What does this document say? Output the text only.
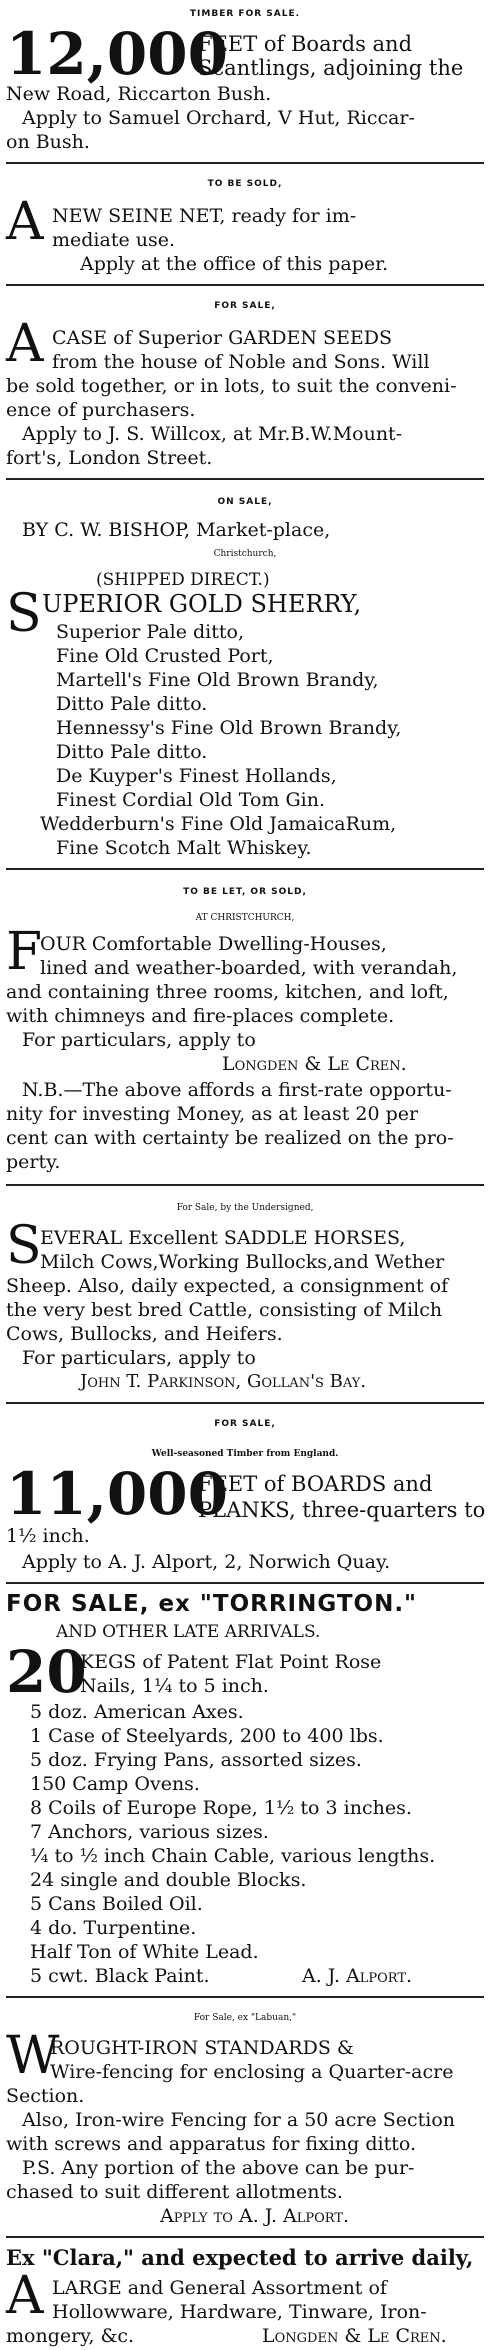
TIMBER FOR SALE.
12,000
FEET of Boards and
Scantlings, adjoining the
New Road, Riccarton Bush.
Apply to Samuel Orchard, V Hut, Riccar-
on Bush.
TO BE SOLD,
A NEW SEINE NET, ready for im-
mediate use.
Apply at the office of this paper.
FOR SALE,
A CASE of Superior GARDEN SEEDS
from the house of Noble and Sons. Will
be sold together, or in lots, to suit the conveni-
ence of purchasers.
Apply to J. S. Willcox, at Mr.B.W.Mount-
fort's, London Street.
ON SALE,
BY C. W. BISHOP, Market-place,
Christchurch,
(SHIPPED DIRECT.)
S UPERIOR GOLD SHERRY,
Superior Pale ditto,
Fine Old Crusted Port,
Martell's Fine Old Brown Brandy,
Ditto Pale ditto.
Hennessy's Fine Old Brown Brandy,
Ditto Pale ditto.
De Kuyper's Finest Hollands,
Finest Cordial Old Tom Gin.
Wedderburn's Fine Old JamaicaRum,
Fine Scotch Malt Whiskey.
TO BE LET, OR SOLD,
AT CHRISTCHURCH,
F
OUR Comfortable Dwelling-Houses,
lined and weather-boarded, with verandah,
and containing three rooms, kitchen, and loft,
with chimneys and fire-places complete.
For particulars, apply to
Longden & Le Cren.
N.B.—The above affords a first-rate opportu-
nity for investing Money, as at least 20 per
cent can with certainty be realized on the pro-
perty.
For Sale, by the Undersigned,
S
EVERAL Excellent SADDLE HORSES,
Milch Cows,Working Bullocks,and Wether
Sheep. Also, daily expected, a consignment of
the very best bred Cattle, consisting of Milch
Cows, Bullocks, and Heifers.
For particulars, apply to
John T. Parkinson, Gollan's Bay.
FOR SALE,
Well-seasoned Timber from England.
11,000
FEET of BOARDS and
PLANKS, three-quarters to
1½ inch.
Apply to A. J. Alport, 2, Norwich Quay.
FOR SALE, ex "TORRINGTON."
AND OTHER LATE ARRIVALS.
20
KEGS of Patent Flat Point Rose
Nails, 1¼ to 5 inch.
5 doz. American Axes.
1 Case of Steelyards, 200 to 400 lbs.
5 doz. Frying Pans, assorted sizes.
150 Camp Ovens.
8 Coils of Europe Rope, 1½ to 3 inches.
7 Anchors, various sizes.
¼ to ½ inch Chain Cable, various lengths.
24 single and double Blocks.
5 Cans Boiled Oil.
4 do. Turpentine.
Half Ton of White Lead.
5 cwt. Black Paint.	A. J. Alport.
For Sale, ex "Labuan,"
W
ROUGHT-IRON STANDARDS &
Wire-fencing for enclosing a Quarter-acre
Section.
Also, Iron-wire Fencing for a 50 acre Section
with screws and apparatus for fixing ditto.
P.S. Any portion of the above can be pur-
chased to suit different allotments.
Apply to A. J. Alport.
Ex "Clara," and expected to arrive daily,
A LARGE and General Assortment of
Hollowware, Hardware, Tinware, Iron-
mongery, &c.	Longden & Le Cren.
